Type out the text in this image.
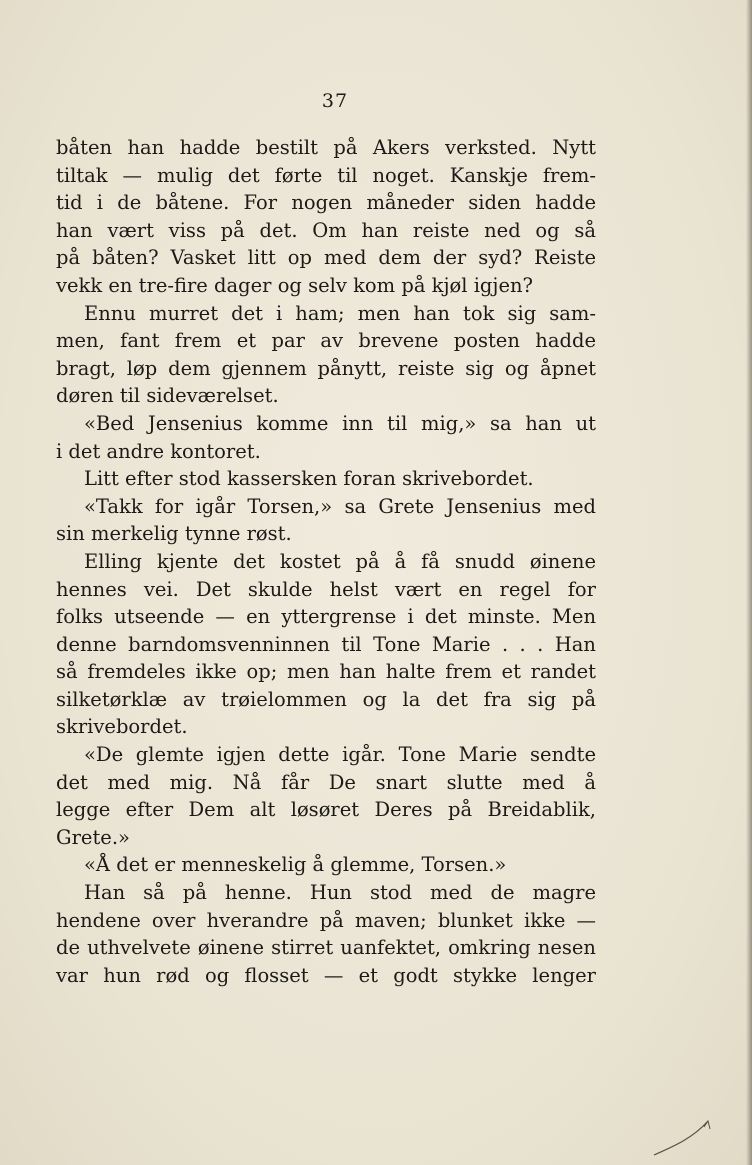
37
båten han hadde bestilt på Akers verksted. Nytt
tiltak — mulig det førte til noget. Kanskje frem-
tid i de båtene. For nogen måneder siden hadde
han vært viss på det. Om han reiste ned og så
på båten? Vasket litt op med dem der syd? Reiste
vekk en tre-fire dager og selv kom på kjøl igjen?
Ennu murret det i ham; men han tok sig sam-
men, fant frem et par av brevene posten hadde
bragt, løp dem gjennem pånytt, reiste sig og åpnet
døren til sideværelset.
«Bed Jensenius komme inn til mig,» sa han ut
i det andre kontoret.
Litt efter stod kassersken foran skrivebordet.
«Takk for igår Torsen,» sa Grete Jensenius med
sin merkelig tynne røst.
Elling kjente det kostet på å få snudd øinene
hennes vei. Det skulde helst vært en regel for
folks utseende — en yttergrense i det minste. Men
denne barndomsvenninnen til Tone Marie . . . Han
så fremdeles ikke op; men han halte frem et randet
silketørklæ av trøielommen og la det fra sig på
skrivebordet.
«De glemte igjen dette igår. Tone Marie sendte
det med mig. Nå får De snart slutte med å
legge efter Dem alt løsøret Deres på Breidablik,
Grete.»
«Å det er menneskelig å glemme, Torsen.»
Han så på henne. Hun stod med de magre
hendene over hverandre på maven; blunket ikke —
de uthvelvete øinene stirret uanfektet, omkring nesen
var hun rød og flosset — et godt stykke lenger
